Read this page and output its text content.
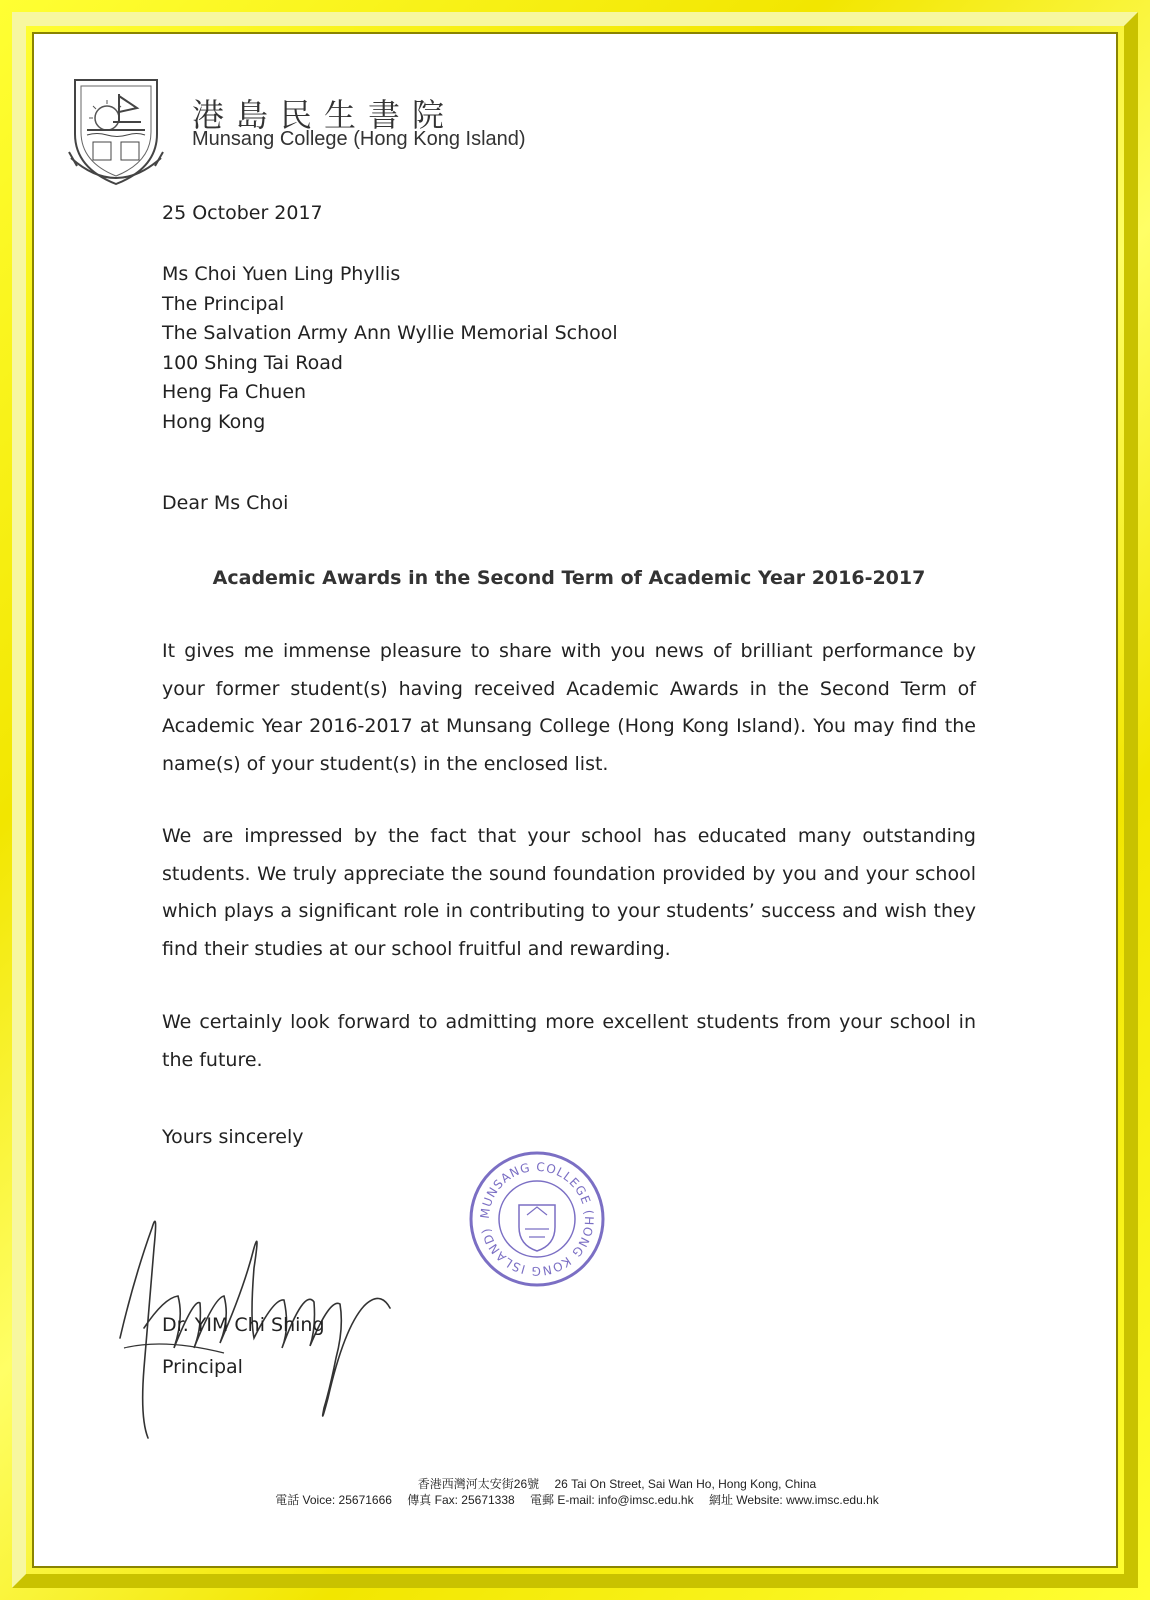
港島民生書院
Munsang College (Hong Kong Island)
25 October 2017
Ms Choi Yuen Ling Phyllis
The Principal
The Salvation Army Ann Wyllie Memorial School
100 Shing Tai Road
Heng Fa Chuen
Hong Kong
Dear Ms Choi
Academic Awards in the Second Term of Academic Year 2016-2017
It gives me immense pleasure to share with you news of brilliant performance by your former student(s) having received Academic Awards in the Second Term of Academic Year 2016-2017 at Munsang College (Hong Kong Island). You may find the name(s) of your student(s) in the enclosed list.
We are impressed by the fact that your school has educated many outstanding students. We truly appreciate the sound foundation provided by you and your school which plays a significant role in contributing to your students’ success and wish they find their studies at our school fruitful and rewarding.
We certainly look forward to admitting more excellent students from your school in the future.
Yours sincerely
MUNSANG COLLEGE (HONG KONG ISLAND)
Dr. YIM Chi Shing
Principal
香港西灣河太安街26號 26 Tai On Street, Sai Wan Ho, Hong Kong, China
電話 Voice: 25671666 傳真 Fax: 25671338 電郵 E-mail: info@imsc.edu.hk 網址 Website: www.imsc.edu.hk
